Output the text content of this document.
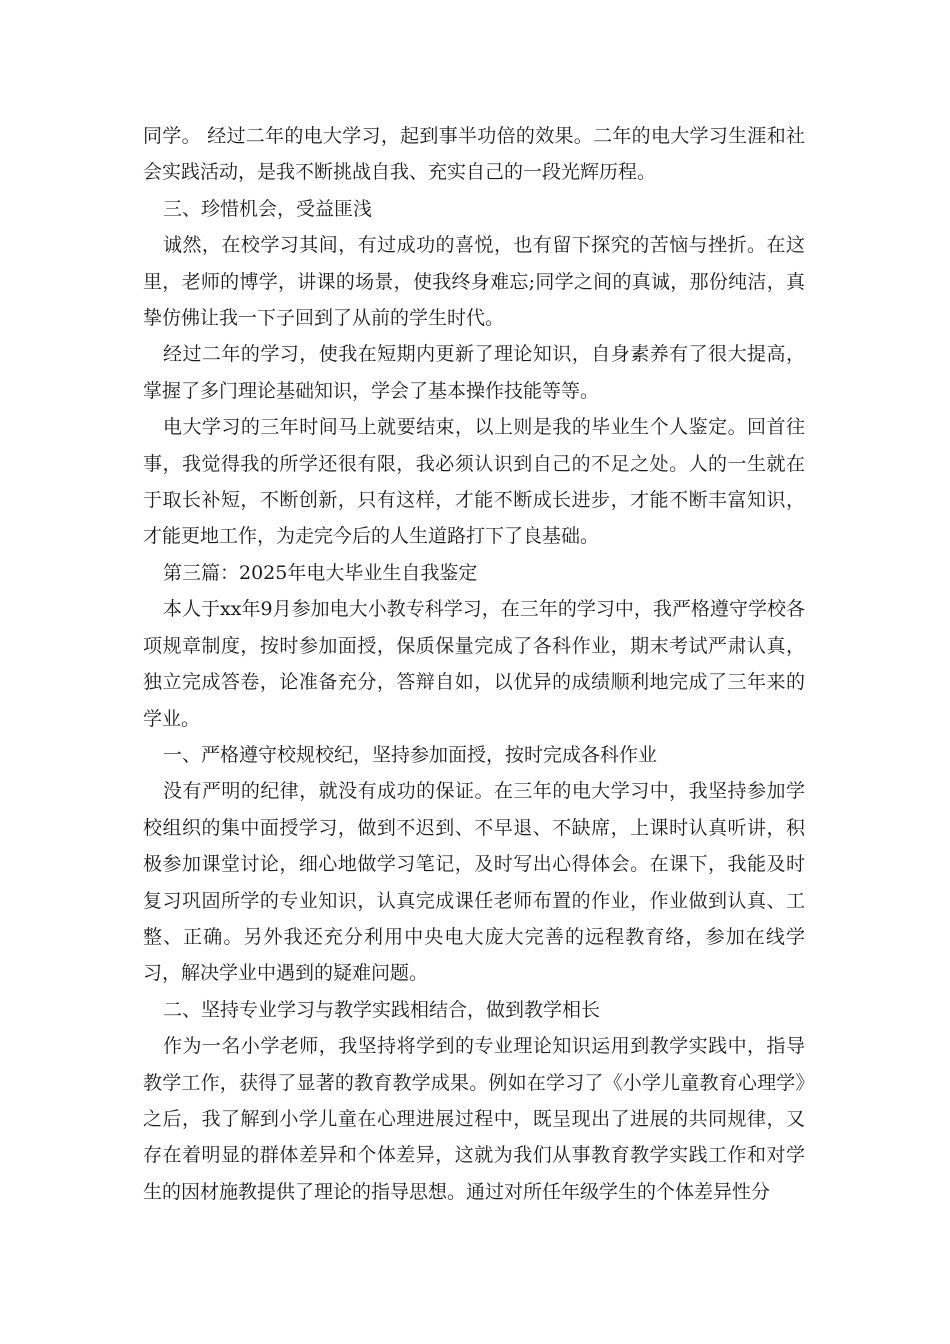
同学。 经过二年的电大学习，起到事半功倍的效果。二年的电大学习生涯和社会实践活动，是我不断挑战自我、充实自己的一段光辉历程。

三、珍惜机会，受益匪浅

诚然，在校学习其间，有过成功的喜悦，也有留下探究的苦恼与挫折。在这里，老师的博学，讲课的场景，使我终身难忘;同学之间的真诚，那份纯洁，真挚仿佛让我一下子回到了从前的学生时代。

经过二年的学习，使我在短期内更新了理论知识，自身素养有了很大提高，掌握了多门理论基础知识，学会了基本操作技能等等。

电大学习的三年时间马上就要结束，以上则是我的毕业生个人鉴定。回首往事，我觉得我的所学还很有限，我必须认识到自己的不足之处。人的一生就在于取长补短，不断创新，只有这样，才能不断成长进步，才能不断丰富知识，才能更地工作，为走完今后的人生道路打下了良基础。

第三篇：2025年电大毕业生自我鉴定

本人于xx年9月参加电大小教专科学习，在三年的学习中，我严格遵守学校各项规章制度，按时参加面授，保质保量完成了各科作业，期末考试严肃认真，独立完成答卷，论准备充分，答辩自如，以优异的成绩顺利地完成了三年来的学业。

一、严格遵守校规校纪，坚持参加面授，按时完成各科作业

没有严明的纪律，就没有成功的保证。在三年的电大学习中，我坚持参加学校组织的集中面授学习，做到不迟到、不早退、不缺席，上课时认真听讲，积极参加课堂讨论，细心地做学习笔记，及时写出心得体会。在课下，我能及时复习巩固所学的专业知识，认真完成课任老师布置的作业，作业做到认真、工整、正确。另外我还充分利用中央电大庞大完善的远程教育络，参加在线学习，解决学业中遇到的疑难问题。

二、坚持专业学习与教学实践相结合，做到教学相长

作为一名小学老师，我坚持将学到的专业理论知识运用到教学实践中，指导教学工作，获得了显著的教育教学成果。例如在学习了《小学儿童教育心理学》之后，我了解到小学儿童在心理进展过程中，既呈现出了进展的共同规律，又存在着明显的群体差异和个体差异，这就为我们从事教育教学实践工作和对学生的因材施教提供了理论的指导思想。通过对所任年级学生的个体差异性分
